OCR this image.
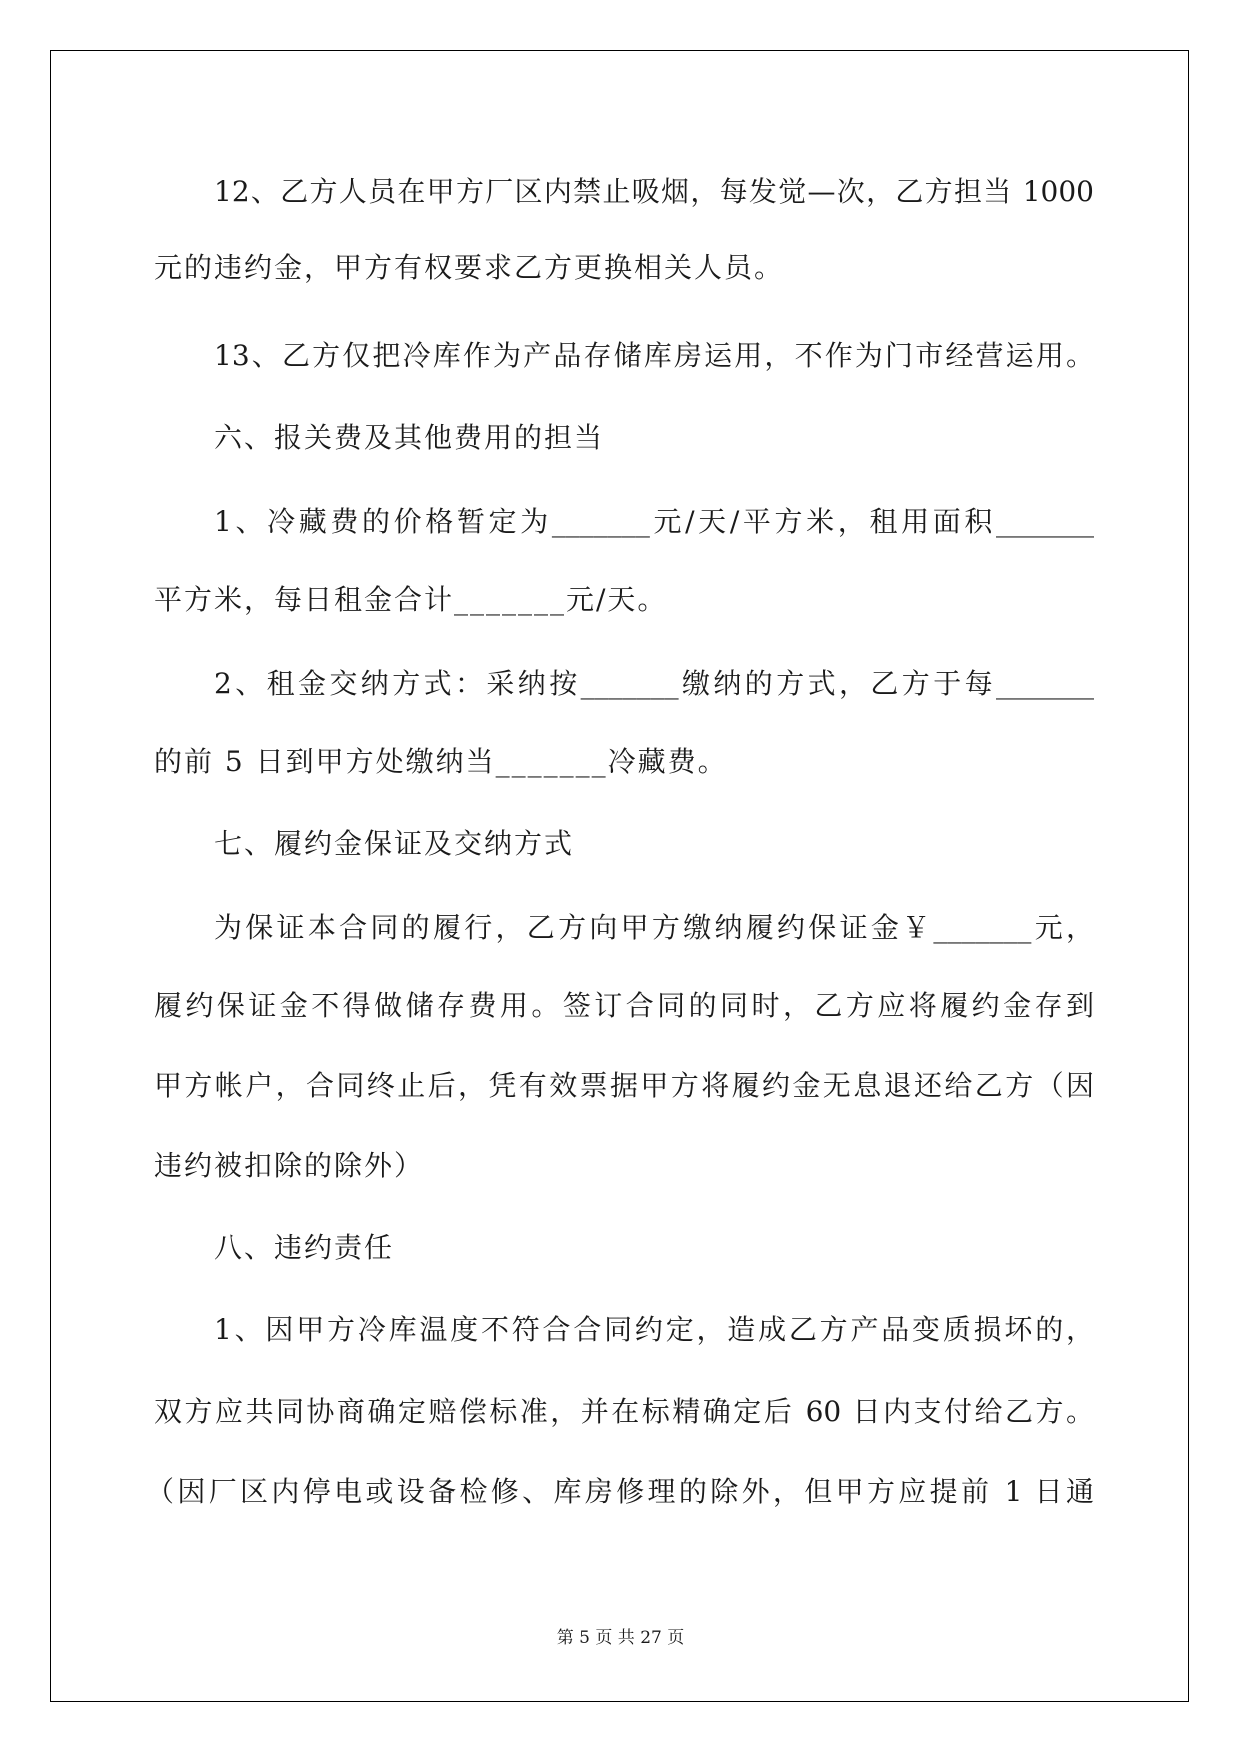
12、乙方人员在甲方厂区内禁止吸烟，每发觉—次，乙方担当 1000
元的违约金，甲方有权要求乙方更换相关人员。
13、乙方仅把冷库作为产品存储库房运用，不作为门市经营运用。
六、报关费及其他费用的担当
1、冷藏费的价格暂定为_______元/天/平方米，租用面积_______
平方米，每日租金合计_______元/天。
2、租金交纳方式：采纳按_______缴纳的方式，乙方于每_______
的前 5 日到甲方处缴纳当_______冷藏费。
七、履约金保证及交纳方式
为保证本合同的履行，乙方向甲方缴纳履约保证金￥_______元，
履约保证金不得做储存费用。签订合同的同时，乙方应将履约金存到
甲方帐户，合同终止后，凭有效票据甲方将履约金无息退还给乙方（因
违约被扣除的除外）
八、违约责任
1、因甲方冷库温度不符合合同约定，造成乙方产品变质损坏的，
双方应共同协商确定赔偿标准，并在标精确定后 60 日内支付给乙方。
（因厂区内停电或设备检修、库房修理的除外，但甲方应提前 1 日通
第 5 页 共 27 页
